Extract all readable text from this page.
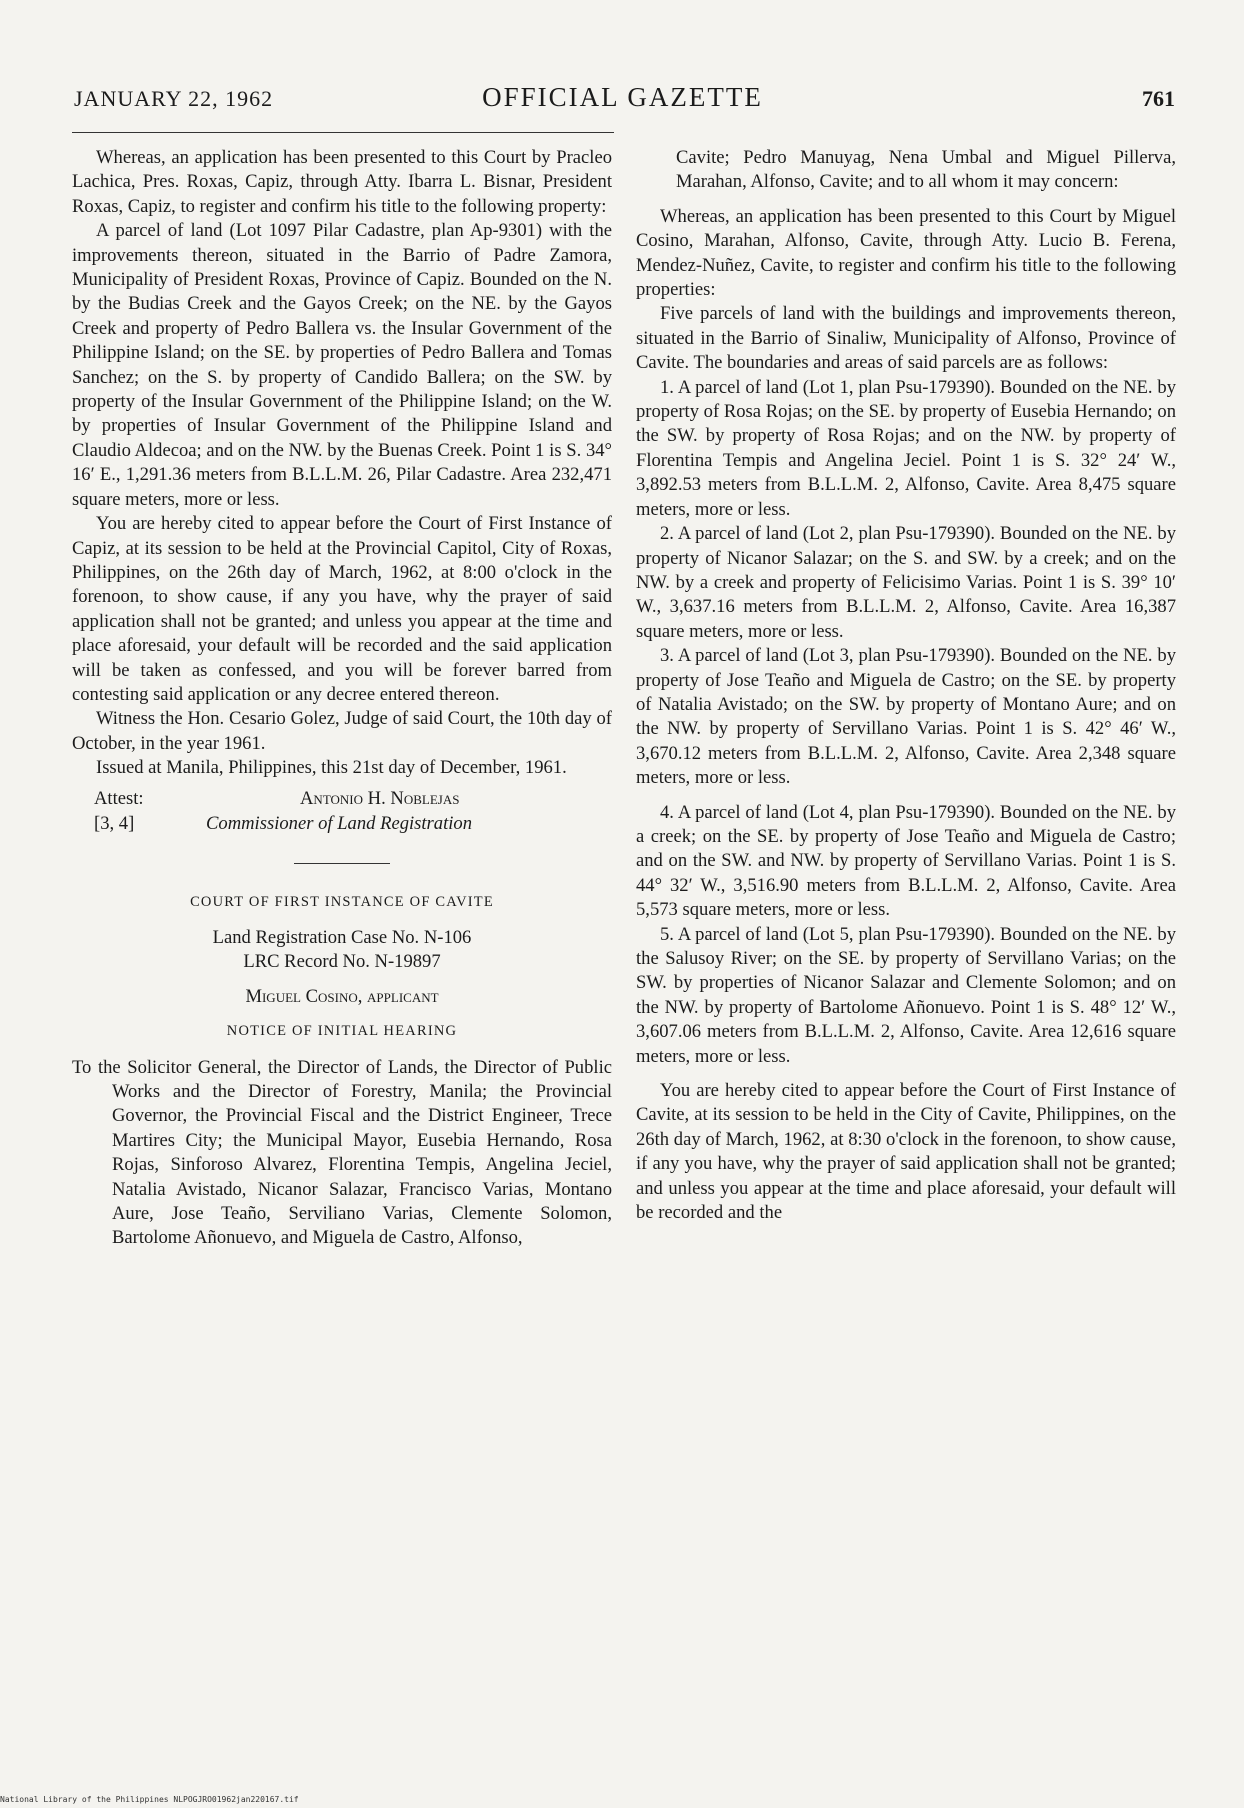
JANUARY 22, 1962	OFFICIAL GAZETTE	761

Whereas, an application has been presented to this Court by Pracleo Lachica, Pres. Roxas, Capiz, through Atty. Ibarra L. Bisnar, President Roxas, Capiz, to register and confirm his title to the following property:

A parcel of land (Lot 1097 Pilar Cadastre, plan Ap-9301) with the improvements thereon, situated in the Barrio of Padre Zamora, Municipality of President Roxas, Province of Capiz. Bounded on the N. by the Budias Creek and the Gayos Creek; on the NE. by the Gayos Creek and property of Pedro Ballera vs. the Insular Government of the Philippine Island; on the SE. by properties of Pedro Ballera and Tomas Sanchez; on the S. by property of Candido Ballera; on the SW. by property of the Insular Government of the Philippine Island; on the W. by properties of Insular Government of the Philippine Island and Claudio Aldecoa; and on the NW. by the Buenas Creek. Point 1 is S. 34° 16′ E., 1,291.36 meters from B.L.L.M. 26, Pilar Cadastre. Area 232,471 square meters, more or less.

You are hereby cited to appear before the Court of First Instance of Capiz, at its session to be held at the Provincial Capitol, City of Roxas, Philippines, on the 26th day of March, 1962, at 8:00 o'clock in the forenoon, to show cause, if any you have, why the prayer of said application shall not be granted; and unless you appear at the time and place aforesaid, your default will be recorded and the said application will be taken as confessed, and you will be forever barred from contesting said application or any decree entered thereon.

Witness the Hon. Cesario Golez, Judge of said Court, the 10th day of October, in the year 1961.

Issued at Manila, Philippines, this 21st day of December, 1961.

Attest:	Antonio H. Noblejas
[3, 4]	Commissioner of Land Registration
COURT OF FIRST INSTANCE OF CAVITE
Land Registration Case No. N-106
LRC Record No. N-19897
Miguel Cosino, applicant
NOTICE OF INITIAL HEARING

To the Solicitor General, the Director of Lands, the Director of Public Works and the Director of Forestry, Manila; the Provincial Governor, the Provincial Fiscal and the District Engineer, Trece Martires City; the Municipal Mayor, Eusebia Hernando, Rosa Rojas, Sinforoso Alvarez, Florentina Tempis, Angelina Jeciel, Natalia Avistado, Nicanor Salazar, Francisco Varias, Montano Aure, Jose Teaño, Serviliano Varias, Clemente Solomon, Bartolome Añonuevo, and Miguela de Castro, Alfonso,

Cavite; Pedro Manuyag, Nena Umbal and Miguel Pillerva, Marahan, Alfonso, Cavite; and to all whom it may concern:

Whereas, an application has been presented to this Court by Miguel Cosino, Marahan, Alfonso, Cavite, through Atty. Lucio B. Ferena, Mendez-Nuñez, Cavite, to register and confirm his title to the following properties:

Five parcels of land with the buildings and improvements thereon, situated in the Barrio of Sinaliw, Municipality of Alfonso, Province of Cavite. The boundaries and areas of said parcels are as follows:

1. A parcel of land (Lot 1, plan Psu-179390). Bounded on the NE. by property of Rosa Rojas; on the SE. by property of Eusebia Hernando; on the SW. by property of Rosa Rojas; and on the NW. by property of Florentina Tempis and Angelina Jeciel. Point 1 is S. 32° 24′ W., 3,892.53 meters from B.L.L.M. 2, Alfonso, Cavite. Area 8,475 square meters, more or less.

2. A parcel of land (Lot 2, plan Psu-179390). Bounded on the NE. by property of Nicanor Salazar; on the S. and SW. by a creek; and on the NW. by a creek and property of Felicisimo Varias. Point 1 is S. 39° 10′ W., 3,637.16 meters from B.L.L.M. 2, Alfonso, Cavite. Area 16,387 square meters, more or less.

3. A parcel of land (Lot 3, plan Psu-179390). Bounded on the NE. by property of Jose Teaño and Miguela de Castro; on the SE. by property of Natalia Avistado; on the SW. by property of Montano Aure; and on the NW. by property of Servillano Varias. Point 1 is S. 42° 46′ W., 3,670.12 meters from B.L.L.M. 2, Alfonso, Cavite. Area 2,348 square meters, more or less.

4. A parcel of land (Lot 4, plan Psu-179390). Bounded on the NE. by a creek; on the SE. by property of Jose Teaño and Miguela de Castro; and on the SW. and NW. by property of Servillano Varias. Point 1 is S. 44° 32′ W., 3,516.90 meters from B.L.L.M. 2, Alfonso, Cavite. Area 5,573 square meters, more or less.

5. A parcel of land (Lot 5, plan Psu-179390). Bounded on the NE. by the Salusoy River; on the SE. by property of Servillano Varias; on the SW. by properties of Nicanor Salazar and Clemente Solomon; and on the NW. by property of Bartolome Añonuevo. Point 1 is S. 48° 12′ W., 3,607.06 meters from B.L.L.M. 2, Alfonso, Cavite. Area 12,616 square meters, more or less.

You are hereby cited to appear before the Court of First Instance of Cavite, at its session to be held in the City of Cavite, Philippines, on the 26th day of March, 1962, at 8:30 o'clock in the forenoon, to show cause, if any you have, why the prayer of said application shall not be granted; and unless you appear at the time and place aforesaid, your default will be recorded and the

National Library of the Philippines NLPOGJRO01962jan220167.tif
